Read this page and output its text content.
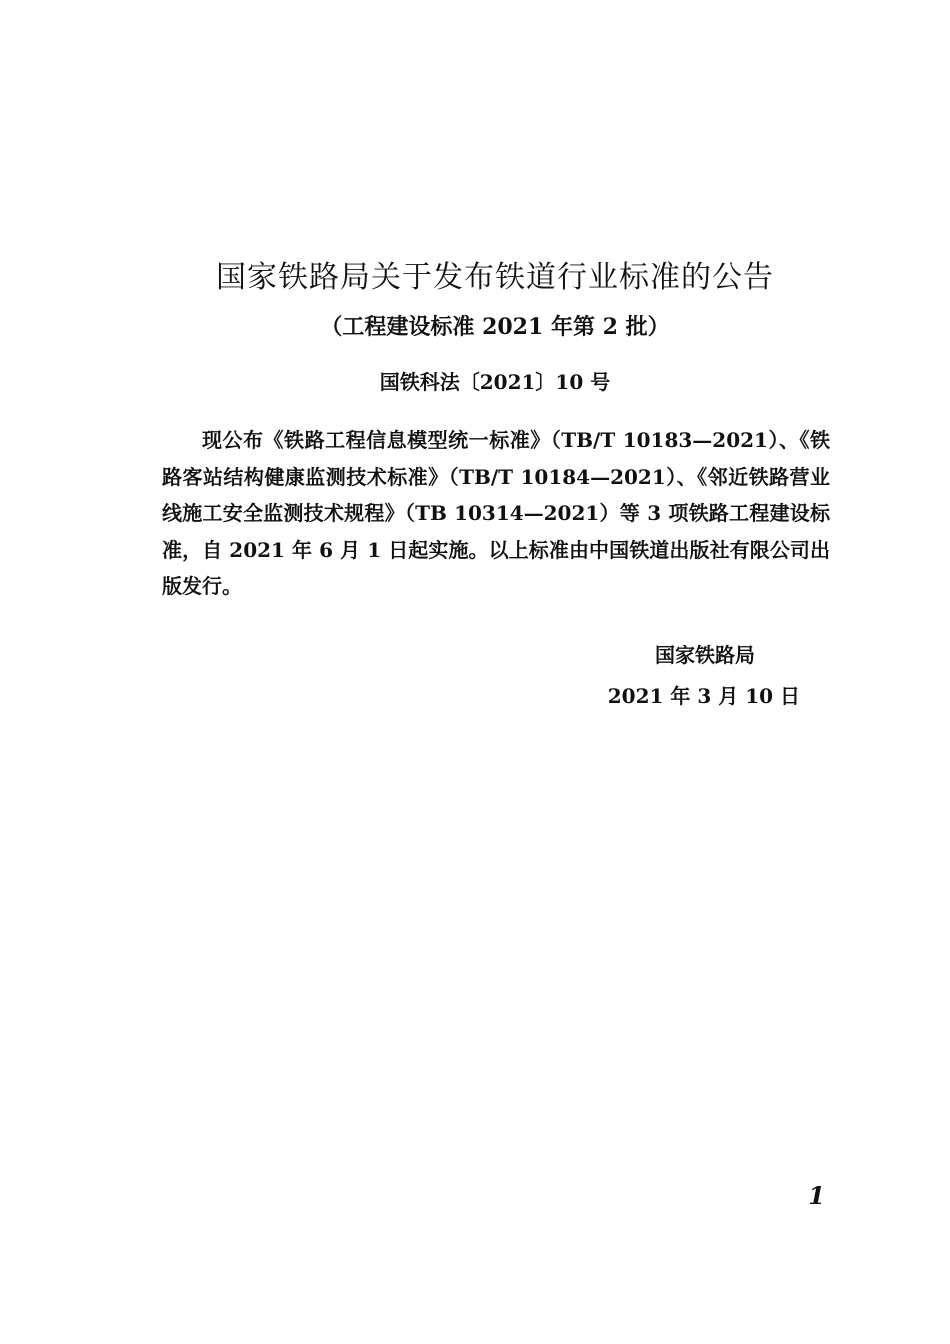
国家铁路局关于发布铁道行业标准的公告
（工程建设标准 2021 年第 2 批）
国铁科法〔2021〕10 号

现公布《铁路工程信息模型统一标准》（TB/T 10183—2021）、《铁路客站结构健康监测技术标准》（TB/T 10184—2021）、《邻近铁路营业线施工安全监测技术规程》（TB 10314—2021）等 3 项铁路工程建设标准，自 2021 年 6 月 1 日起实施。以上标准由中国铁道出版社有限公司出版发行。

国家铁路局
2021 年 3 月 10 日
1
